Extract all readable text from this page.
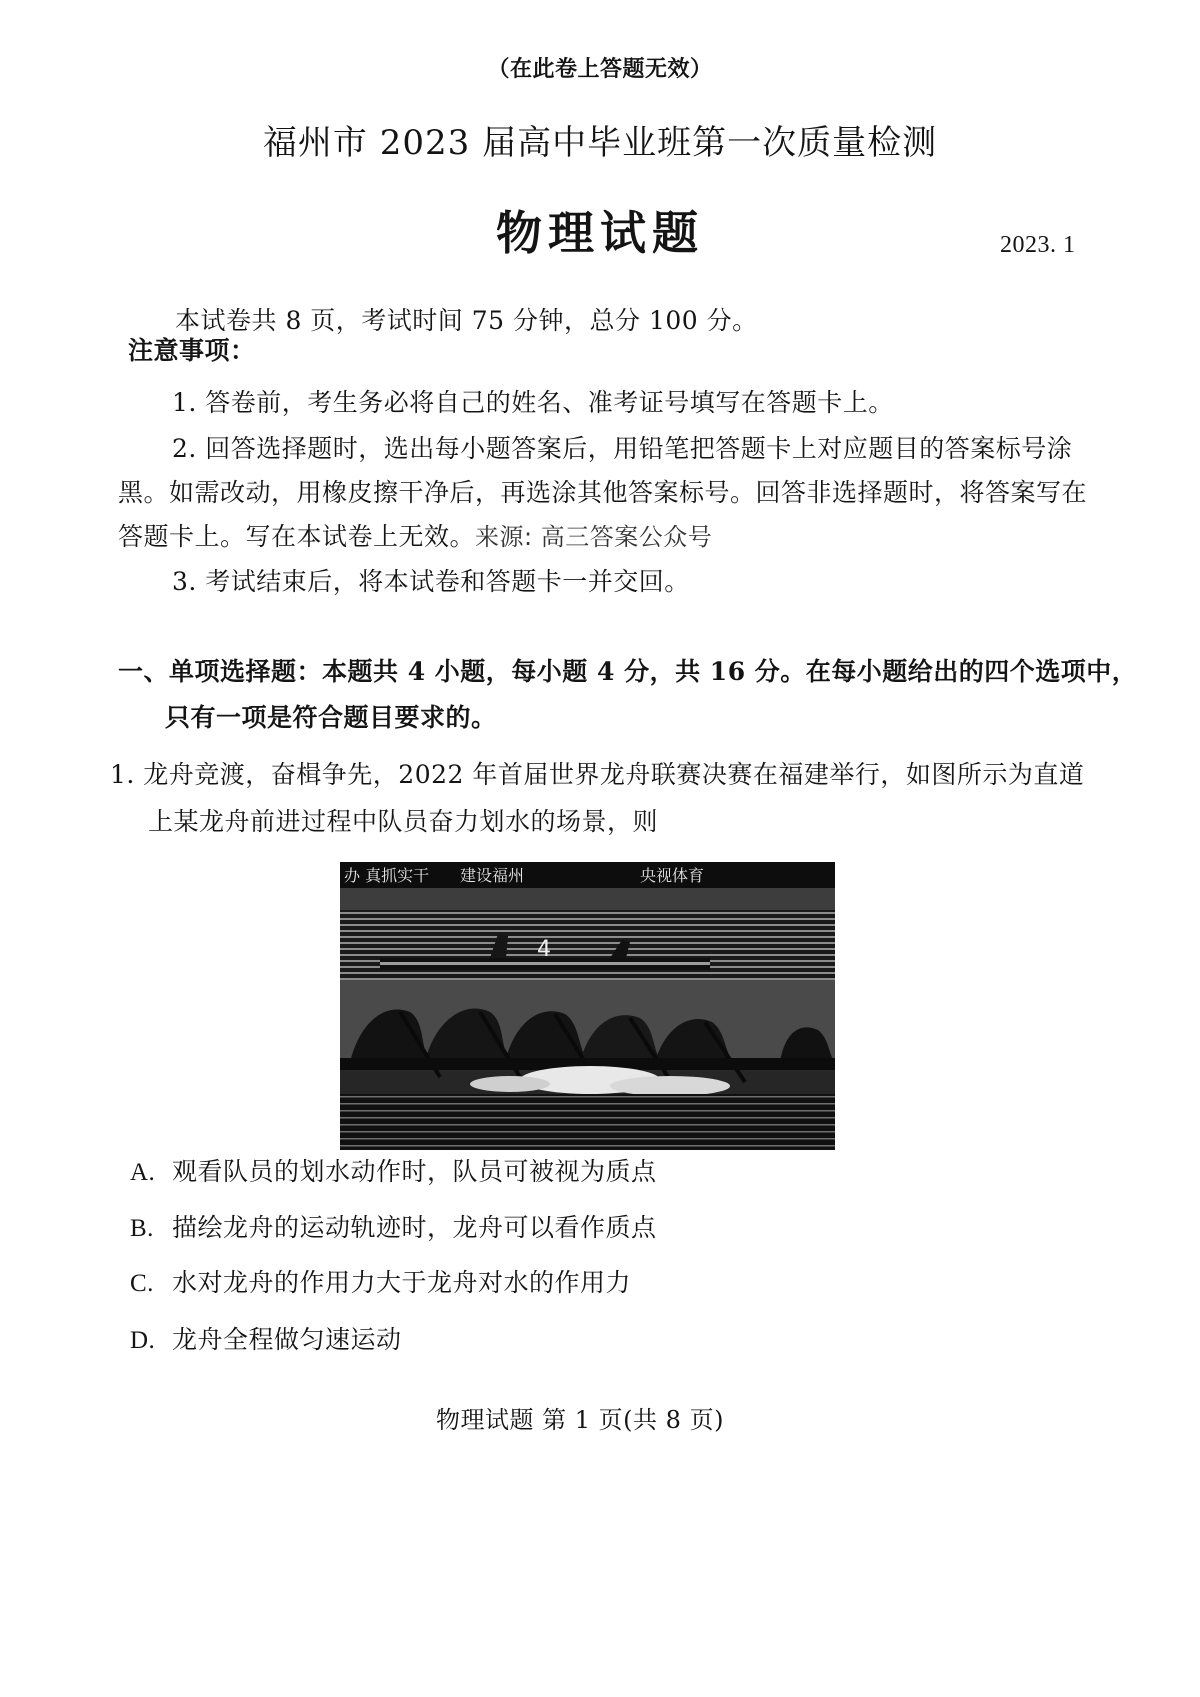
（在此卷上答题无效）
福州市 2023 届高中毕业班第一次质量检测
物理试题	2023. 1
本试卷共 8 页，考试时间 75 分钟，总分 100 分。
注意事项：
1. 答卷前，考生务必将自己的姓名、准考证号填写在答题卡上。
2. 回答选择题时，选出每小题答案后，用铅笔把答题卡上对应题目的答案标号涂
黑。如需改动，用橡皮擦干净后，再选涂其他答案标号。回答非选择题时，将答案写在
答题卡上。写在本试卷上无效。来源: 高三答案公众号
3. 考试结束后，将本试卷和答题卡一并交回。
一、单项选择题：本题共 4 小题，每小题 4 分，共 16 分。在每小题给出的四个选项中，
只有一项是符合题目要求的。
1. 龙舟竞渡，奋楫争先，2022 年首届世界龙舟联赛决赛在福建举行，如图所示为直道
上某龙舟前进过程中队员奋力划水的场景，则
办 真抓实干 建设福州	央视体育
4
A. 观看队员的划水动作时，队员可被视为质点
B. 描绘龙舟的运动轨迹时，龙舟可以看作质点
C. 水对龙舟的作用力大于龙舟对水的作用力
D. 龙舟全程做匀速运动
物理试题 第 1 页(共 8 页)
